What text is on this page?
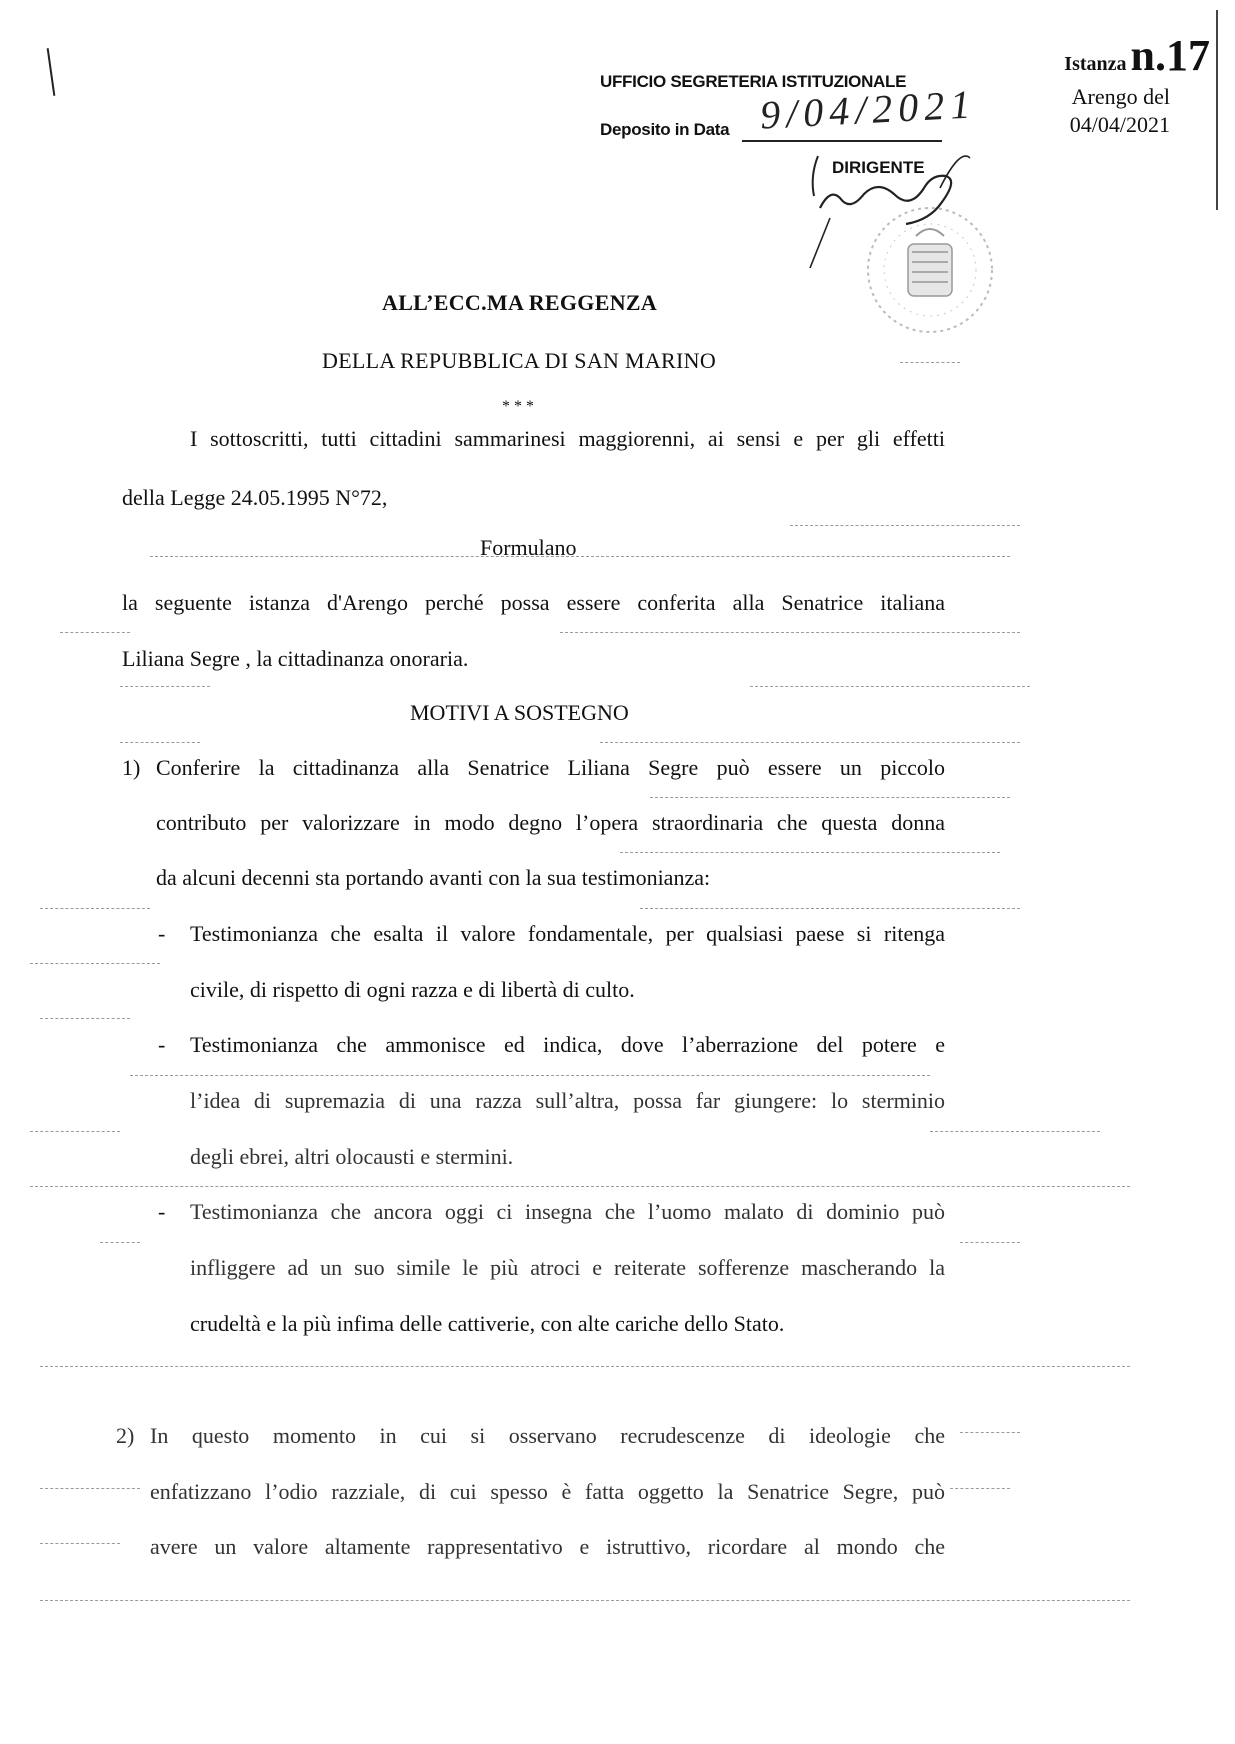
UFFICIO SEGRETERIA ISTITUZIONALE
Deposito in Data 9/04/2021
DIRIGENTE
Istanza n.17
Arengo del
04/04/2021
ALL’ECC.MA REGGENZA
DELLA REPUBBLICA DI SAN MARINO
* * *
I sottoscritti, tutti cittadini sammarinesi maggiorenni, ai sensi e per gli effetti
della Legge 24.05.1995 N°72,
Formulano
la seguente istanza d'Arengo perché possa essere conferita alla Senatrice italiana
Liliana Segre , la cittadinanza onoraria.
MOTIVI A SOSTEGNO
1) Conferire la cittadinanza alla Senatrice Liliana Segre può essere un piccolo
contributo per valorizzare in modo degno l’opera straordinaria che questa donna
da alcuni decenni sta portando avanti con la sua testimonianza:
- Testimonianza che esalta il valore fondamentale, per qualsiasi paese si ritenga
civile, di rispetto di ogni razza e di libertà di culto.
- Testimonianza che ammonisce ed indica, dove l’aberrazione del potere e
l’idea di supremazia di una razza sull’altra, possa far giungere: lo sterminio
degli ebrei, altri olocausti e stermini.
- Testimonianza che ancora oggi ci insegna che l’uomo malato di dominio può
infliggere ad un suo simile le più atroci e reiterate sofferenze mascherando la
crudeltà e la più infima delle cattiverie, con alte cariche dello Stato.
2) In questo momento in cui si osservano recrudescenze di ideologie che
enfatizzano l’odio razziale, di cui spesso è fatta oggetto la Senatrice Segre, può
avere un valore altamente rappresentativo e istruttivo, ricordare al mondo che
